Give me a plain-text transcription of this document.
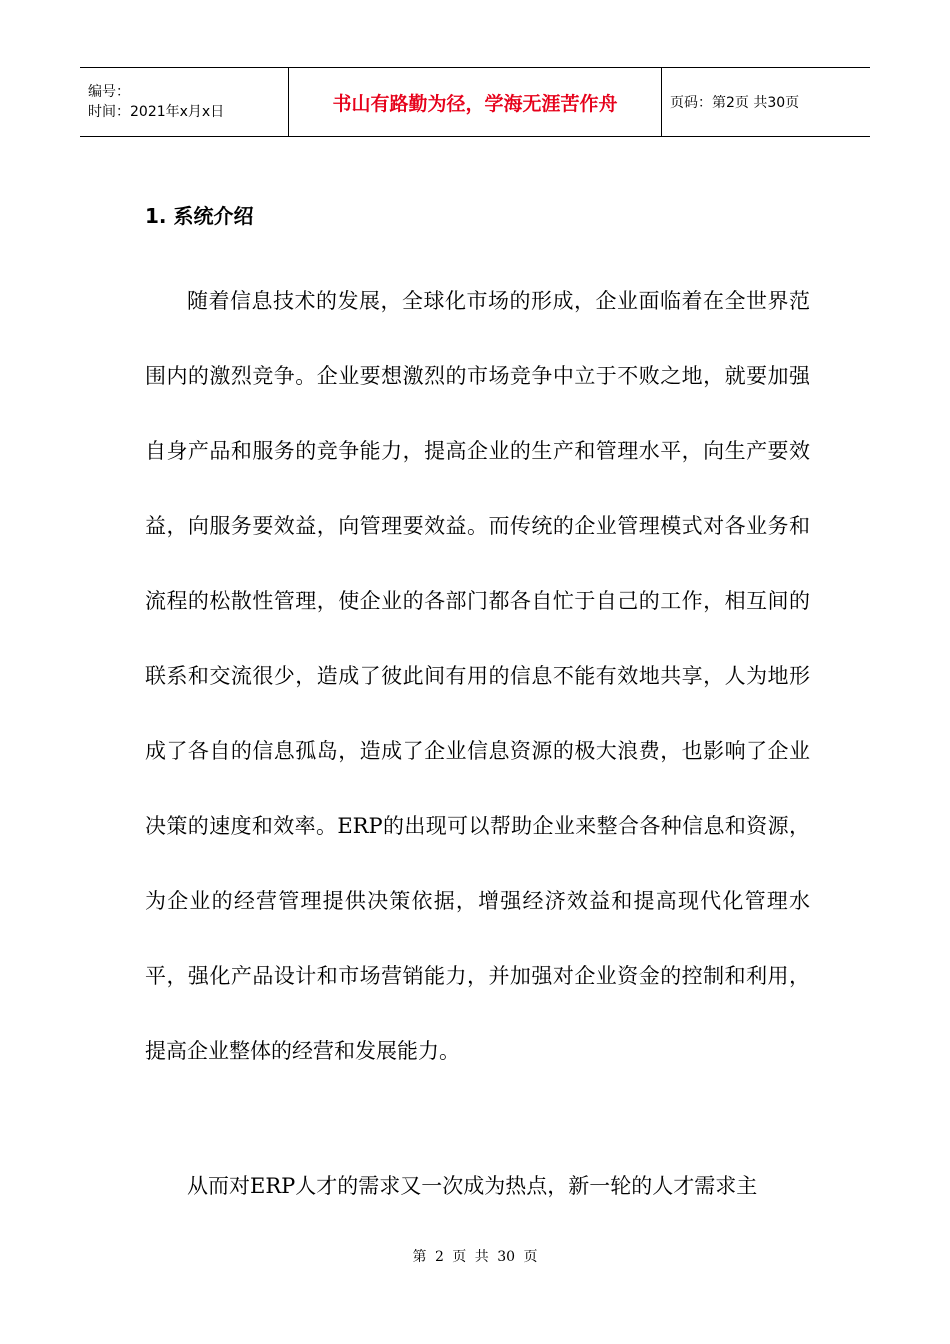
编号：
时间：2021年x月x日	书山有路勤为径，学海无涯苦作舟	页码：第2页 共30页
1. 系统介绍

随着信息技术的发展，全球化市场的形成，企业面临着在全世界范围内的激烈竞争。企业要想激烈的市场竞争中立于不败之地，就要加强自身产品和服务的竞争能力，提高企业的生产和管理水平，向生产要效益，向服务要效益，向管理要效益。而传统的企业管理模式对各业务和流程的松散性管理，使企业的各部门都各自忙于自己的工作，相互间的联系和交流很少，造成了彼此间有用的信息不能有效地共享，人为地形成了各自的信息孤岛，造成了企业信息资源的极大浪费，也影响了企业决策的速度和效率。ERP的出现可以帮助企业来整合各种信息和资源，为企业的经营管理提供决策依据，增强经济效益和提高现代化管理水平，强化产品设计和市场营销能力，并加强对企业资金的控制和利用，提高企业整体的经营和发展能力。

从而对ERP人才的需求又一次成为热点，新一轮的人才需求主

第 2 页 共 30 页
